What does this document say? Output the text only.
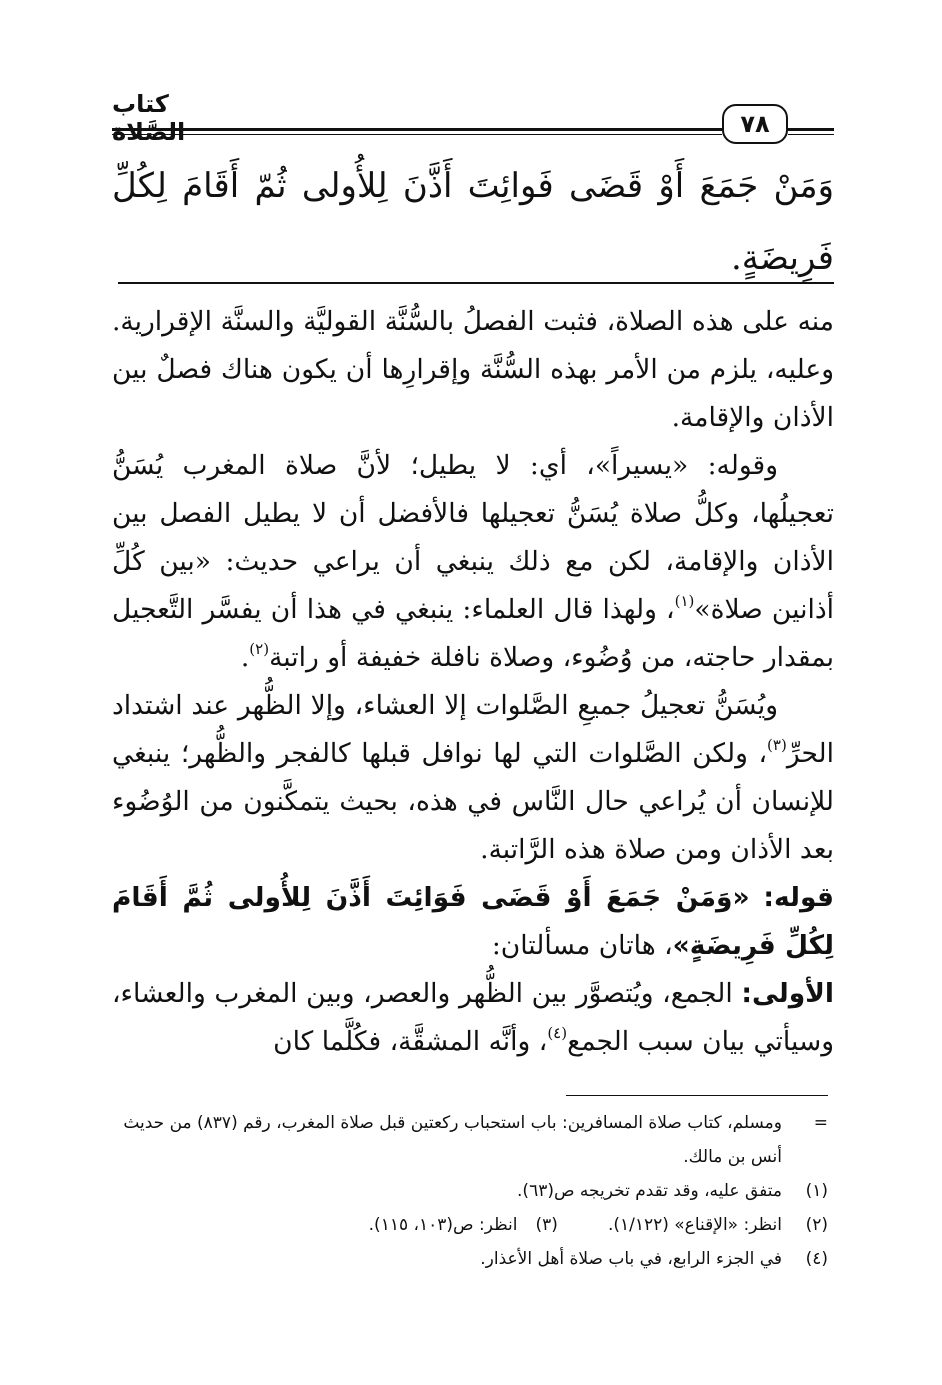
كتاب الصَّلاة	٧٨
وَمَنْ جَمَعَ أَوْ قَضَى فَوائِتَ أَذَّنَ لِلأُولى ثُمّ أَقَامَ لِكُلِّ فَرِيضَةٍ.

منه على هذه الصلاة، فثبت الفصلُ بالسُّنَّة القوليَّة والسنَّة الإقرارية. وعليه، يلزم من الأمر بهذه السُّنَّة وإقرارِها أن يكون هناك فصلٌ بين الأذان والإقامة.

وقوله: «يسيراً»، أي: لا يطيل؛ لأنَّ صلاة المغرب يُسَنُّ تعجيلُها، وكلُّ صلاة يُسَنُّ تعجيلها فالأفضل أن لا يطيل الفصل بين الأذان والإقامة، لكن مع ذلك ينبغي أن يراعي حديث: «بين كُلِّ أذانين صلاة»$^{(١)}$، ولهذا قال العلماء: ينبغي في هذا أن يفسَّر التَّعجيل بمقدار حاجته، من وُضُوء، وصلاة نافلة خفيفة أو راتبة$^{(٢)}$.

ويُسَنُّ تعجيلُ جميعِ الصَّلوات إلا العشاء، وإلا الظُّهر عند اشتداد الحرِّ$^{(٣)}$، ولكن الصَّلوات التي لها نوافل قبلها كالفجر والظُّهر؛ ينبغي للإنسان أن يُراعي حال النَّاس في هذه، بحيث يتمكَّنون من الوُضُوء بعد الأذان ومن صلاة هذه الرَّاتبة.

قوله: «وَمَنْ جَمَعَ أَوْ قَضَى فَوَائِتَ أَذَّنَ لِلأُولى ثُمَّ أَقَامَ لِكُلِّ فَرِيضَةٍ»، هاتان مسألتان:

الأولى: الجمع، ويُتصوَّر بين الظُّهر والعصر، وبين المغرب والعشاء، وسيأتي بيان سبب الجمع$^{(٤)}$، وأنَّه المشقَّة، فكُلَّما كان

=
ومسلم، كتاب صلاة المسافرين: باب استحباب ركعتين قبل صلاة المغرب، رقم (٨٣٧) من حديث أنس بن مالك.
(١)
متفق عليه، وقد تقدم تخريجه ص(٦٣).
(٢)
انظر: «الإقناع» (١/١٢٢).
(٣)
انظر: ص(١٠٣، ١١٥).
(٤)
في الجزء الرابع، في باب صلاة أهل الأعذار.
